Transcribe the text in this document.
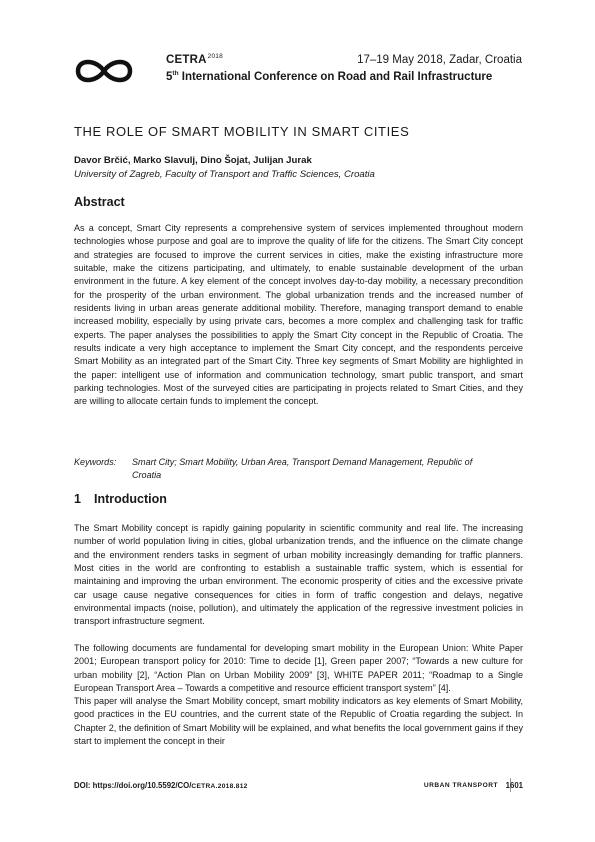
$CETRA^{2018}$	17–19 May 2018, Zadar, Croatia
5th International Conference on Road and Rail Infrastructure
THE ROLE OF SMART MOBILITY IN SMART CITIES
Davor Brčić, Marko Slavulj, Dino Šojat, Julijan Jurak
University of Zagreb, Faculty of Transport and Traffic Sciences, Croatia
Abstract
As a concept, Smart City represents a comprehensive system of services implemented throughout modern technologies whose purpose and goal are to improve the quality of life for the citizens. The Smart City concept and strategies are focused to improve the current services in cities, make the existing infrastructure more suitable, make the citizens participating, and ultimately, to enable sustainable development of the urban environment in the future. A key element of the concept involves day-to-day mobility, a necessary precondition for the prosperity of the urban environment. The global urbanization trends and the increased number of residents living in urban areas generate additional mobility. Therefore, managing transport demand to enable increased mobility, especially by using private cars, becomes a more complex and challenging task for traffic experts. The paper analyses the possibilities to apply the Smart City concept in the Republic of Croatia. The results indicate a very high acceptance to implement the Smart City concept, and the respondents perceive Smart Mobility as an integrated part of the Smart City. Three key segments of Smart Mobility are highlighted in the paper: intelligent use of information and communication technology, smart public transport, and smart parking technologies. Most of the surveyed cities are participating in projects related to Smart Cities, and they are willing to allocate certain funds to implement the concept.
Keywords: Smart City; Smart Mobility, Urban Area, Transport Demand Management, Republic of Croatia
1 Introduction
The Smart Mobility concept is rapidly gaining popularity in scientific community and real life. The increasing number of world population living in cities, global urbanization trends, and the influence on the climate change and the environment renders tasks in segment of urban mobility increasingly demanding for traffic planners. Most cities in the world are confronting to establish a sustainable traffic system, which is essential for maintaining and improving the urban environment. The economic prosperity of cities and the excessive private car usage cause negative consequences for cities in form of traffic congestion and delays, negative environmental impacts (noise, pollution), and ultimately the application of the regressive investment policies in transport infrastructure segment.
The following documents are fundamental for developing smart mobility in the European Union: White Paper 2001; European transport policy for 2010: Time to decide [1], Green paper 2007; “Towards a new culture for urban mobility [2], “Action Plan on Urban Mobility 2009” [3], WHITE PAPER 2011; “Roadmap to a Single European Transport Area – Towards a competitive and resource efficient transport system” [4].
This paper will analyse the Smart Mobility concept, smart mobility indicators as key elements of Smart Mobility, good practices in the EU countries, and the current state of the Republic of Croatia regarding the subject. In Chapter 2, the definition of Smart Mobility will be explained, and what benefits the local government gains if they start to implement the concept in their
DOI: https://doi.org/10.5592/CO/CETRA.2018.812	URBAN TRANSPORT 1601
